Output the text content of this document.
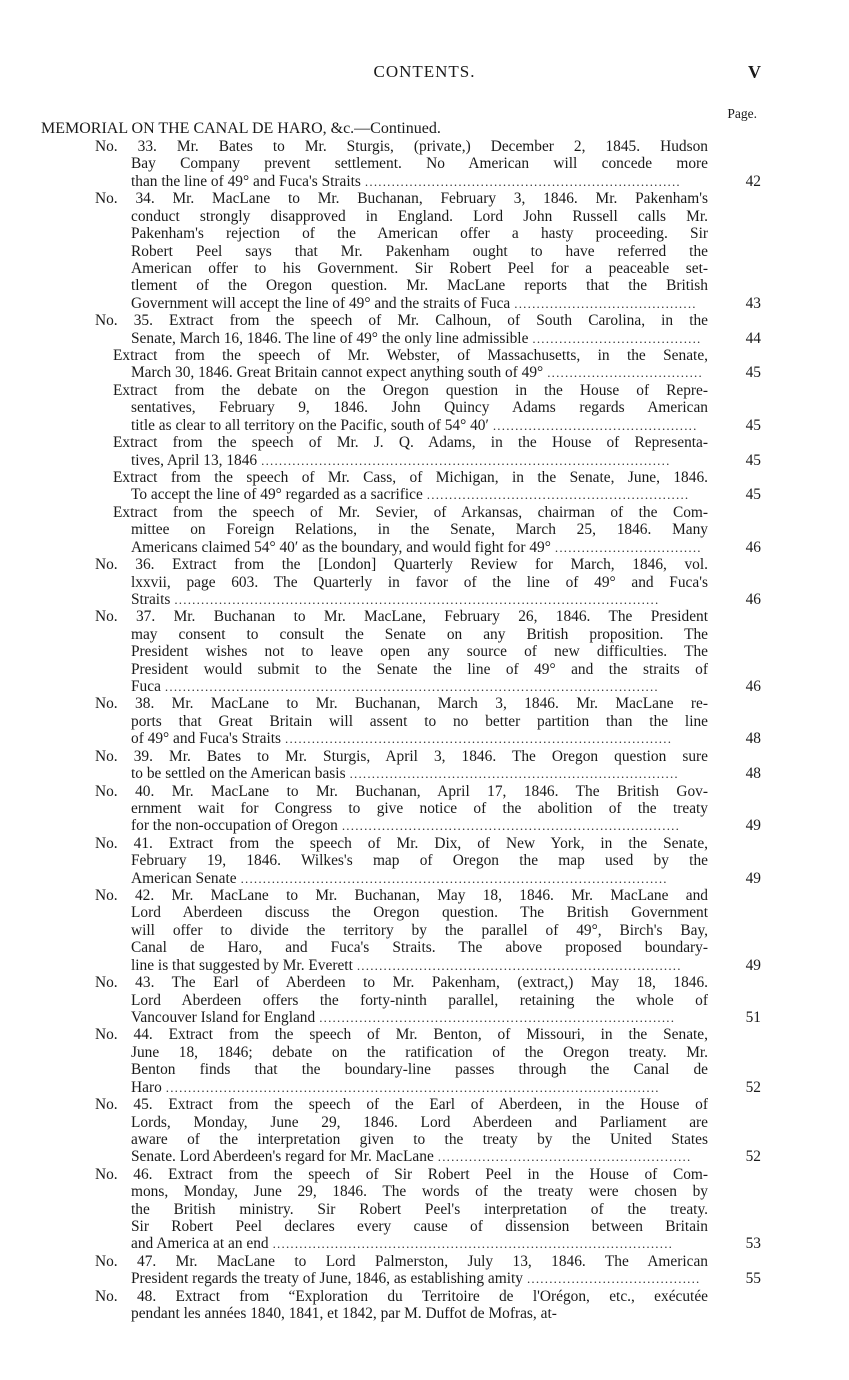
CONTENTS.	V
Page.
MEMORIAL ON THE CANAL DE HARO, &c.—Continued.
No. 33. Mr. Bates to Mr. Sturgis, (private,) December 2, 1845. Hudson
Bay Company prevent settlement. No American will concede more
than the line of 49° and Fuca's Straits .......................................................................	42
No. 34. Mr. MacLane to Mr. Buchanan, February 3, 1846. Mr. Pakenham's
conduct strongly disapproved in England. Lord John Russell calls Mr.
Pakenham's rejection of the American offer a hasty proceeding. Sir
Robert Peel says that Mr. Pakenham ought to have referred the
American offer to his Government. Sir Robert Peel for a peaceable set-
tlement of the Oregon question. Mr. MacLane reports that the British
Government will accept the line of 49° and the straits of Fuca .........................................	43
No. 35. Extract from the speech of Mr. Calhoun, of South Carolina, in the
Senate, March 16, 1846. The line of 49° the only line admissible ......................................	44
Extract from the speech of Mr. Webster, of Massachusetts, in the Senate,
March 30, 1846. Great Britain cannot expect anything south of 49° ...................................	45
Extract from the debate on the Oregon question in the House of Repre-
sentatives, February 9, 1846. John Quincy Adams regards American
title as clear to all territory on the Pacific, south of 54° 40′ ..............................................	45
Extract from the speech of Mr. J. Q. Adams, in the House of Representa-
tives, April 13, 1846 ............................................................................................	45
Extract from the speech of Mr. Cass, of Michigan, in the Senate, June, 1846.
To accept the line of 49° regarded as a sacrifice ...........................................................	45
Extract from the speech of Mr. Sevier, of Arkansas, chairman of the Com-
mittee on Foreign Relations, in the Senate, March 25, 1846. Many
Americans claimed 54° 40′ as the boundary, and would fight for 49° .................................	46
No. 36. Extract from the [London] Quarterly Review for March, 1846, vol.
lxxvii, page 603. The Quarterly in favor of the line of 49° and Fuca's
Straits .............................................................................................................	46
No. 37. Mr. Buchanan to Mr. MacLane, February 26, 1846. The President
may consent to consult the Senate on any British proposition. The
President wishes not to leave open any source of new difficulties. The
President would submit to the Senate the line of 49° and the straits of
Fuca ...............................................................................................................	46
No. 38. Mr. MacLane to Mr. Buchanan, March 3, 1846. Mr. MacLane re-
ports that Great Britain will assent to no better partition than the line
of 49° and Fuca's Straits .......................................................................................	48
No. 39. Mr. Bates to Mr. Sturgis, April 3, 1846. The Oregon question sure
to be settled on the American basis ..........................................................................	48
No. 40. Mr. MacLane to Mr. Buchanan, April 17, 1846. The British Gov-
ernment wait for Congress to give notice of the abolition of the treaty
for the non-occupation of Oregon ............................................................................	49
No. 41. Extract from the speech of Mr. Dix, of New York, in the Senate,
February 19, 1846. Wilkes's map of Oregon the map used by the
American Senate ................................................................................................	49
No. 42. Mr. MacLane to Mr. Buchanan, May 18, 1846. Mr. MacLane and
Lord Aberdeen discuss the Oregon question. The British Government
will offer to divide the territory by the parallel of 49°, Birch's Bay,
Canal de Haro, and Fuca's Straits. The above proposed boundary-
line is that suggested by Mr. Everett .........................................................................	49
No. 43. The Earl of Aberdeen to Mr. Pakenham, (extract,) May 18, 1846.
Lord Aberdeen offers the forty-ninth parallel, retaining the whole of
Vancouver Island for England ................................................................................	51
No. 44. Extract from the speech of Mr. Benton, of Missouri, in the Senate,
June 18, 1846; debate on the ratification of the Oregon treaty. Mr.
Benton finds that the boundary-line passes through the Canal de
Haro ...............................................................................................................	52
No. 45. Extract from the speech of the Earl of Aberdeen, in the House of
Lords, Monday, June 29, 1846. Lord Aberdeen and Parliament are
aware of the interpretation given to the treaty by the United States
Senate. Lord Aberdeen's regard for Mr. MacLane .........................................................	52
No. 46. Extract from the speech of Sir Robert Peel in the House of Com-
mons, Monday, June 29, 1846. The words of the treaty were chosen by
the British ministry. Sir Robert Peel's interpretation of the treaty.
Sir Robert Peel declares every cause of dissension between Britain
and America at an end ..........................................................................................	53
No. 47. Mr. MacLane to Lord Palmerston, July 13, 1846. The American
President regards the treaty of June, 1846, as establishing amity .......................................	55
No. 48. Extract from “Exploration du Territoire de l'Orégon, etc., exécutée
pendant les années 1840, 1841, et 1842, par M. Duffot de Mofras, at-
